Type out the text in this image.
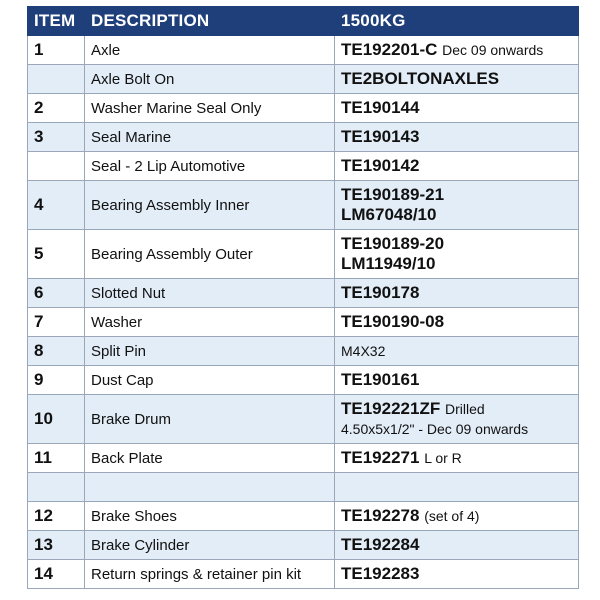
ITEM	DESCRIPTION	1500KG
1	Axle	TE192201-C Dec 09 onwards
	Axle Bolt On	TE2BOLTONAXLES
2	Washer Marine Seal Only	TE190144
3	Seal Marine	TE190143
	Seal - 2 Lip Automotive	TE190142
4	Bearing Assembly Inner	TE190189-21
LM67048/10

5	Bearing Assembly Outer	TE190189-20
LM11949/10

6	Slotted Nut	TE190178
7	Washer	TE190190-08
8	Split Pin	M4X32
9	Dust Cap	TE190161
10	Brake Drum	TE192221ZF Drilled
4.50x5x1/2" - Dec 09 onwards

11	Back Plate	TE192271 L or R

12	Brake Shoes	TE192278 (set of 4)
13	Brake Cylinder	TE192284
14	Return springs & retainer pin kit	TE192283
